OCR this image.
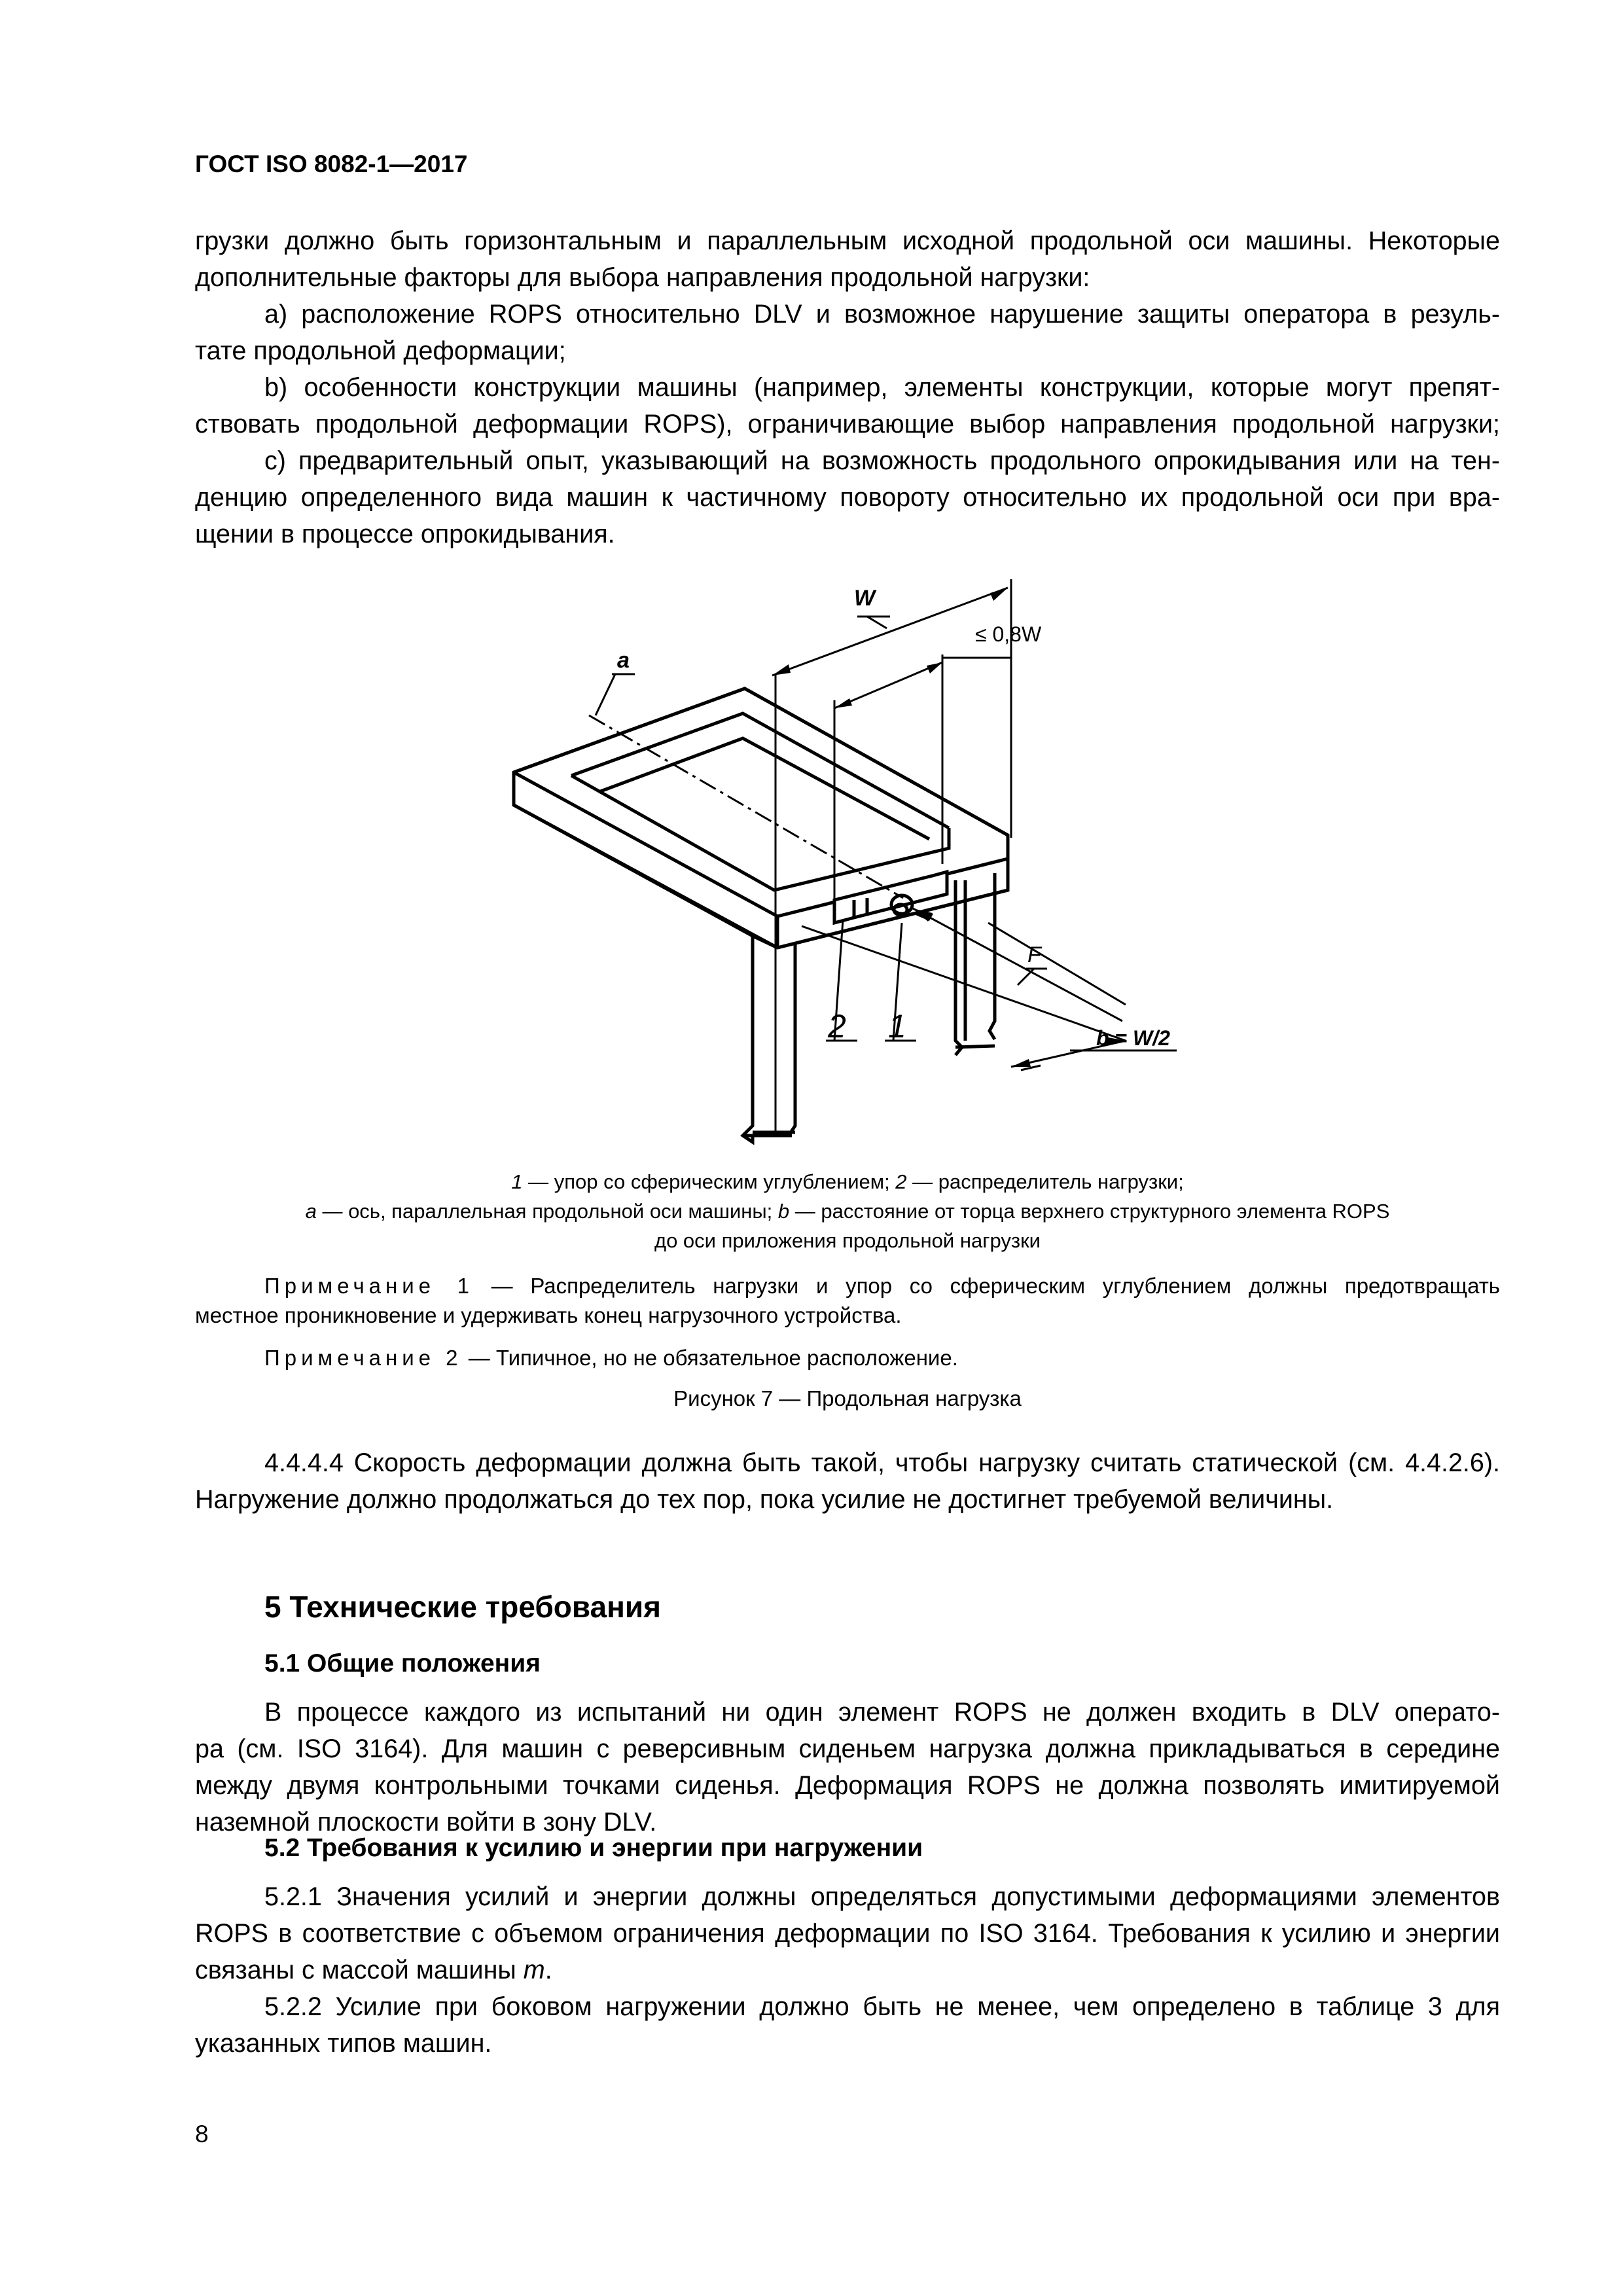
ГОСТ ISO 8082-1—2017
грузки должно быть горизонтальным и параллельным исходной продольной оси машины. Некоторые
дополнительные факторы для выбора направления продольной нагрузки:
а) расположение ROPS относительно DLV и возможное нарушение защиты оператора в резуль-
тате продольной деформации;
b) особенности конструкции машины (например, элементы конструкции, которые могут препят-
ствовать продольной деформации ROPS), ограничивающие выбор направления продольной нагрузки;
с) предварительный опыт, указывающий на возможность продольного опрокидывания или на тен-
денцию определенного вида машин к частичному повороту относительно их продольной оси при вра-
щении в процессе опрокидывания.
W
≤ 0,8W
a
F
b = W/2
2 1
1 — упор со сферическим углублением; 2 — распределитель нагрузки;
a — ось, параллельная продольной оси машины; b — расстояние от торца верхнего структурного элемента ROPS
до оси приложения продольной нагрузки
Примечание 1 — Распределитель нагрузки и упор со сферическим углублением должны предотвращать
местное проникновение и удерживать конец нагрузочного устройства.
Примечание 2 — Типичное, но не обязательное расположение.
Рисунок 7 — Продольная нагрузка
4.4.4.4 Скорость деформации должна быть такой, чтобы нагрузку считать статической (см. 4.4.2.6).
Нагружение должно продолжаться до тех пор, пока усилие не достигнет требуемой величины.
5 Технические требования
5.1 Общие положения
В процессе каждого из испытаний ни один элемент ROPS не должен входить в DLV операто-
ра (см. ISO 3164). Для машин с реверсивным сиденьем нагрузка должна прикладываться в середине
между двумя контрольными точками сиденья. Деформация ROPS не должна позволять имитируемой
наземной плоскости войти в зону DLV.
5.2 Требования к усилию и энергии при нагружении
5.2.1 Значения усилий и энергии должны определяться допустимыми деформациями элементов
ROPS в соответствие с объемом ограничения деформации по ISO 3164. Требования к усилию и энергии
связаны с массой машины m.
5.2.2 Усилие при боковом нагружении должно быть не менее, чем определено в таблице 3 для
указанных типов машин.
8
